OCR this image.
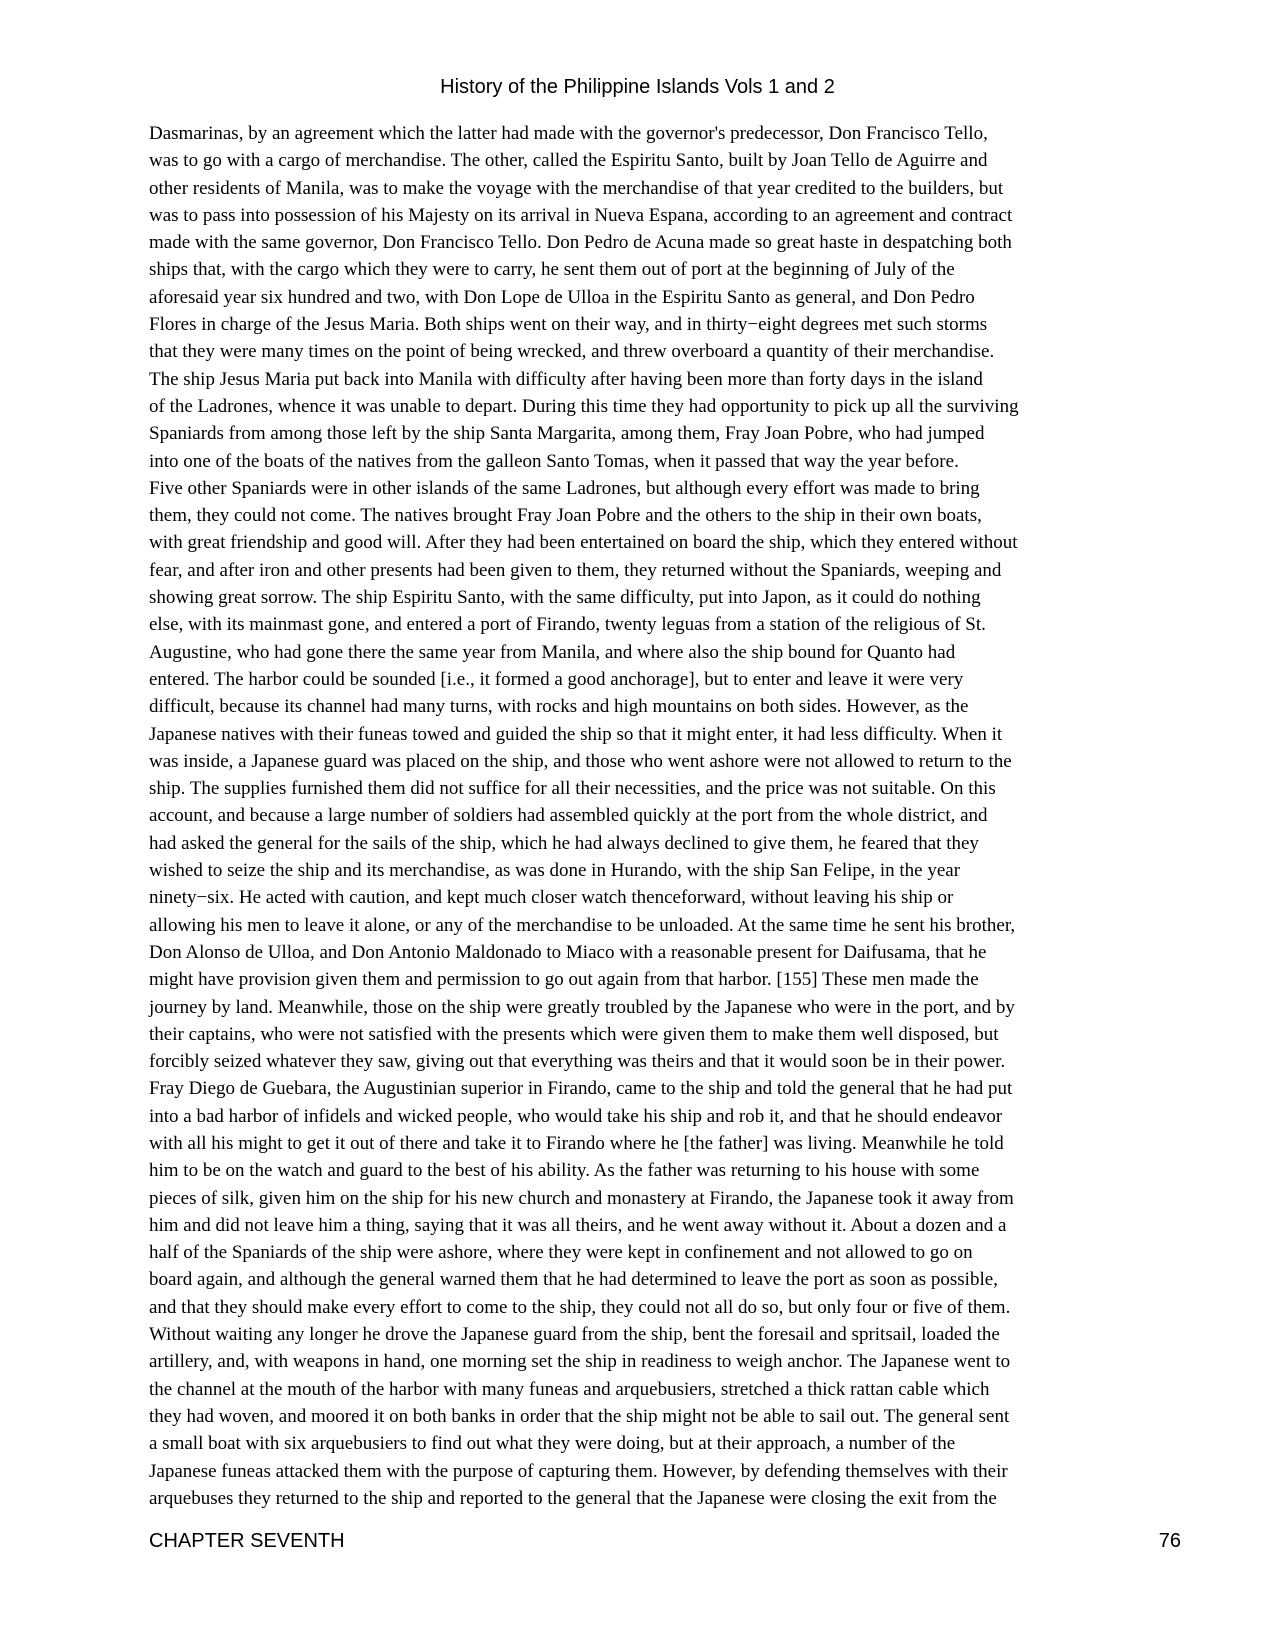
History of the Philippine Islands Vols 1 and 2
Dasmarinas, by an agreement which the latter had made with the governor's predecessor, Don Francisco Tello,
was to go with a cargo of merchandise. The other, called the Espiritu Santo, built by Joan Tello de Aguirre and
other residents of Manila, was to make the voyage with the merchandise of that year credited to the builders, but
was to pass into possession of his Majesty on its arrival in Nueva Espana, according to an agreement and contract
made with the same governor, Don Francisco Tello. Don Pedro de Acuna made so great haste in despatching both
ships that, with the cargo which they were to carry, he sent them out of port at the beginning of July of the
aforesaid year six hundred and two, with Don Lope de Ulloa in the Espiritu Santo as general, and Don Pedro
Flores in charge of the Jesus Maria. Both ships went on their way, and in thirty−eight degrees met such storms
that they were many times on the point of being wrecked, and threw overboard a quantity of their merchandise.
The ship Jesus Maria put back into Manila with difficulty after having been more than forty days in the island
of the Ladrones, whence it was unable to depart. During this time they had opportunity to pick up all the surviving
Spaniards from among those left by the ship Santa Margarita, among them, Fray Joan Pobre, who had jumped
into one of the boats of the natives from the galleon Santo Tomas, when it passed that way the year before.
Five other Spaniards were in other islands of the same Ladrones, but although every effort was made to bring
them, they could not come. The natives brought Fray Joan Pobre and the others to the ship in their own boats,
with great friendship and good will. After they had been entertained on board the ship, which they entered without
fear, and after iron and other presents had been given to them, they returned without the Spaniards, weeping and
showing great sorrow. The ship Espiritu Santo, with the same difficulty, put into Japon, as it could do nothing
else, with its mainmast gone, and entered a port of Firando, twenty leguas from a station of the religious of St.
Augustine, who had gone there the same year from Manila, and where also the ship bound for Quanto had
entered. The harbor could be sounded [i.e., it formed a good anchorage], but to enter and leave it were very
difficult, because its channel had many turns, with rocks and high mountains on both sides. However, as the
Japanese natives with their funeas towed and guided the ship so that it might enter, it had less difficulty. When it
was inside, a Japanese guard was placed on the ship, and those who went ashore were not allowed to return to the
ship. The supplies furnished them did not suffice for all their necessities, and the price was not suitable. On this
account, and because a large number of soldiers had assembled quickly at the port from the whole district, and
had asked the general for the sails of the ship, which he had always declined to give them, he feared that they
wished to seize the ship and its merchandise, as was done in Hurando, with the ship San Felipe, in the year
ninety−six. He acted with caution, and kept much closer watch thenceforward, without leaving his ship or
allowing his men to leave it alone, or any of the merchandise to be unloaded. At the same time he sent his brother,
Don Alonso de Ulloa, and Don Antonio Maldonado to Miaco with a reasonable present for Daifusama, that he
might have provision given them and permission to go out again from that harbor. [155] These men made the
journey by land. Meanwhile, those on the ship were greatly troubled by the Japanese who were in the port, and by
their captains, who were not satisfied with the presents which were given them to make them well disposed, but
forcibly seized whatever they saw, giving out that everything was theirs and that it would soon be in their power.
Fray Diego de Guebara, the Augustinian superior in Firando, came to the ship and told the general that he had put
into a bad harbor of infidels and wicked people, who would take his ship and rob it, and that he should endeavor
with all his might to get it out of there and take it to Firando where he [the father] was living. Meanwhile he told
him to be on the watch and guard to the best of his ability. As the father was returning to his house with some
pieces of silk, given him on the ship for his new church and monastery at Firando, the Japanese took it away from
him and did not leave him a thing, saying that it was all theirs, and he went away without it. About a dozen and a
half of the Spaniards of the ship were ashore, where they were kept in confinement and not allowed to go on
board again, and although the general warned them that he had determined to leave the port as soon as possible,
and that they should make every effort to come to the ship, they could not all do so, but only four or five of them.
Without waiting any longer he drove the Japanese guard from the ship, bent the foresail and spritsail, loaded the
artillery, and, with weapons in hand, one morning set the ship in readiness to weigh anchor. The Japanese went to
the channel at the mouth of the harbor with many funeas and arquebusiers, stretched a thick rattan cable which
they had woven, and moored it on both banks in order that the ship might not be able to sail out. The general sent
a small boat with six arquebusiers to find out what they were doing, but at their approach, a number of the
Japanese funeas attacked them with the purpose of capturing them. However, by defending themselves with their
arquebuses they returned to the ship and reported to the general that the Japanese were closing the exit from the
CHAPTER SEVENTH	76
